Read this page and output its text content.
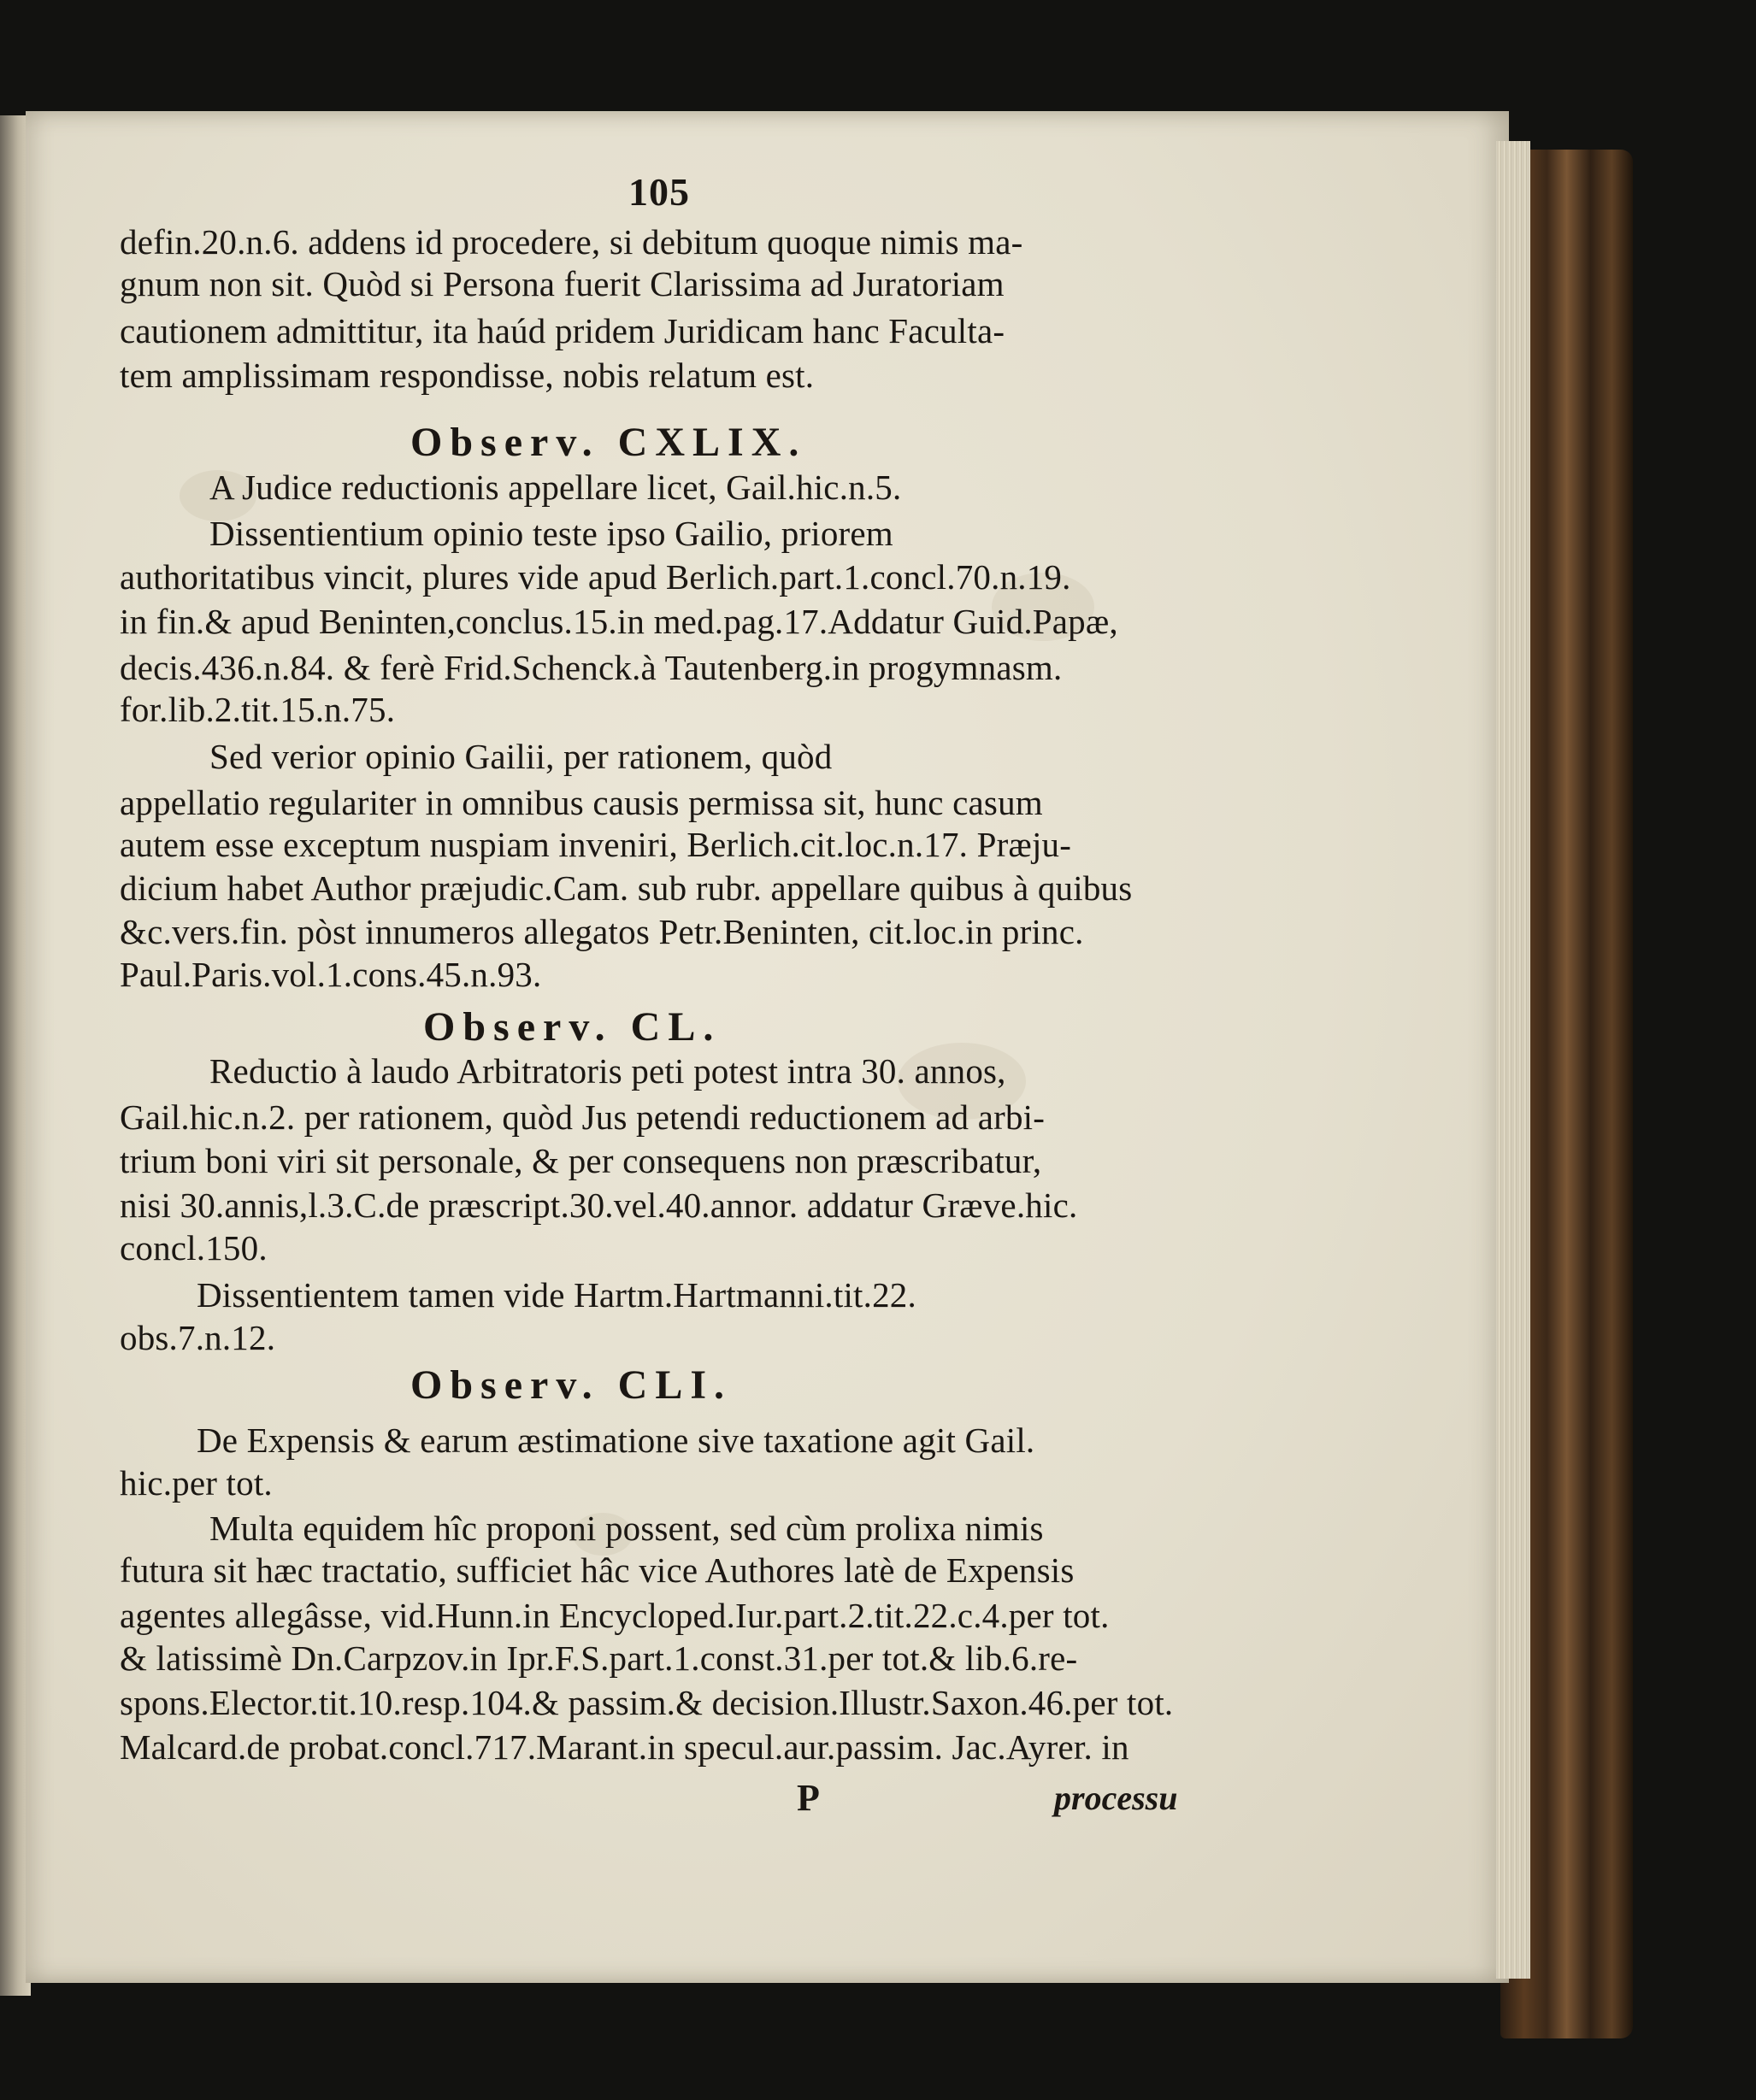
105
defin.20.n.6. addens id procedere, si debitum quoque nimis ma-
gnum non sit. Quòd si Persona fuerit Clarissima ad Juratoriam
cautionem admittitur, ita haúd pridem Juridicam hanc Faculta-
tem amplissimam respondisse, nobis relatum est.
Observ. CXLIX.
A Judice reductionis appellare licet, Gail.hic.n.5.
Dissentientium opinio teste ipso Gailio, priorem
authoritatibus vincit, plures vide apud Berlich.part.1.concl.70.n.19.
in fin.& apud Beninten,conclus.15.in med.pag.17.Addatur Guid.Papæ,
decis.436.n.84. & ferè Frid.Schenck.à Tautenberg.in progymnasm.
for.lib.2.tit.15.n.75.
Sed verior opinio Gailii, per rationem, quòd
appellatio regulariter in omnibus causis permissa sit, hunc casum
autem esse exceptum nuspiam inveniri, Berlich.cit.loc.n.17. Præju-
dicium habet Author præjudic.Cam. sub rubr. appellare quibus à quibus
&c.vers.fin. pòst innumeros allegatos Petr.Beninten, cit.loc.in princ.
Paul.Paris.vol.1.cons.45.n.93.
Observ. CL.
Reductio à laudo Arbitratoris peti potest intra 30. annos,
Gail.hic.n.2. per rationem, quòd Jus petendi reductionem ad arbi-
trium boni viri sit personale, & per consequens non præscribatur,
nisi 30.annis,l.3.C.de præscript.30.vel.40.annor. addatur Græve.hic.
concl.150.
Dissentientem tamen vide Hartm.Hartmanni.tit.22.
obs.7.n.12.
Observ. CLI.
De Expensis & earum æstimatione sive taxatione agit Gail.
hic.per tot.
Multa equidem hîc proponi possent, sed cùm prolixa nimis
futura sit hæc tractatio, sufficiet hâc vice Authores latè de Expensis
agentes allegâsse, vid.Hunn.in Encycloped.Iur.part.2.tit.22.c.4.per tot.
& latissimè Dn.Carpzov.in Ipr.F.S.part.1.const.31.per tot.& lib.6.re-
spons.Elector.tit.10.resp.104.& passim.& decision.Illustr.Saxon.46.per tot.
Malcard.de probat.concl.717.Marant.in specul.aur.passim. Jac.Ayrer. in
P	processu
